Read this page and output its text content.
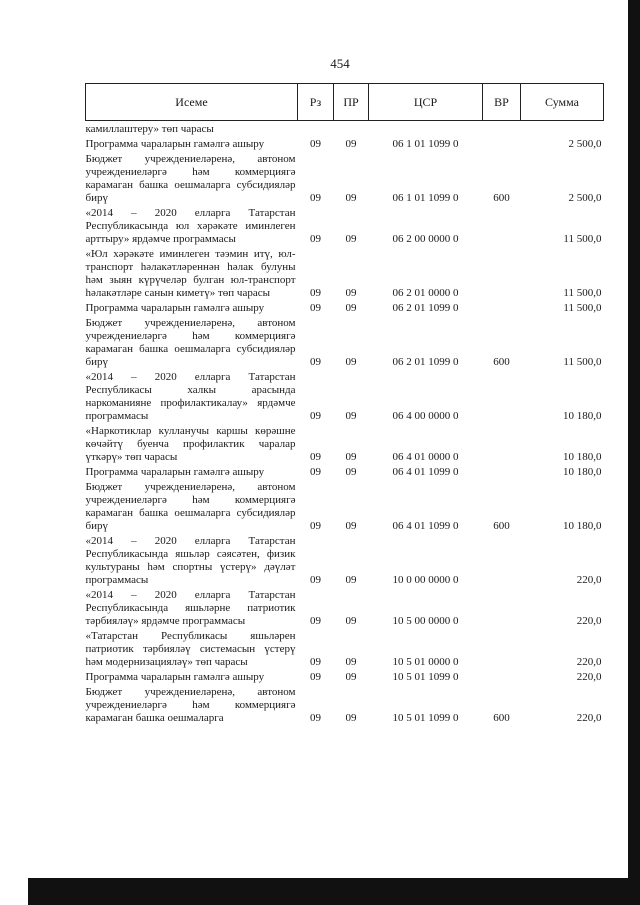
454
Исеме	Рз	ПР	ЦСР	ВР	Сумма
камиллаштеру» төп чарасы					
Программа чараларын гамәлгә ашыру	09	09	06 1 01 1099 0		2 500,0
Бюджет учреждениеләренә, автоном учреждениеләргә һәм коммерциягә карамаган башка оешмаларга субсидияләр бирү	09	09	06 1 01 1099 0	600	2 500,0
«2014 – 2020 елларга Татарстан Республикасында юл хәрәкәте иминлеген арттыру» ярдәмче программасы	09	09	06 2 00 0000 0		11 500,0
«Юл хәрәкәте иминлеген тәэмин итү, юл-транспорт һәлакәтләреннән һәлак булуны һәм зыян күрүчеләр булган юл-транспорт һәлакәтләре санын киметү» төп чарасы	09	09	06 2 01 0000 0		11 500,0
Программа чараларын гамәлгә ашыру	09	09	06 2 01 1099 0		11 500,0
Бюджет учреждениеләренә, автоном учреждениеләргә һәм коммерциягә карамаган башка оешмаларга субсидияләр бирү	09	09	06 2 01 1099 0	600	11 500,0
«2014 – 2020 елларга Татарстан Республикасы халкы арасында наркоманияне профилактикалау» ярдәмче программасы	09	09	06 4 00 0000 0		10 180,0
«Наркотиклар кулланучы каршы көрәшне көчәйтү буенча профилактик чаралар үткәрү» төп чарасы	09	09	06 4 01 0000 0		10 180,0
Программа чараларын гамәлгә ашыру	09	09	06 4 01 1099 0		10 180,0
Бюджет учреждениеләренә, автоном учреждениеләргә һәм коммерциягә карамаган башка оешмаларга субсидияләр бирү	09	09	06 4 01 1099 0	600	10 180,0
«2014 – 2020 елларга Татарстан Республикасында яшьләр сәясәтен, физик культураны һәм спортны үстерү» дәүләт программасы	09	09	10 0 00 0000 0		220,0
«2014 – 2020 елларга Татарстан Республикасында яшьләрне патриотик тәрбияләү» ярдәмче программасы	09	09	10 5 00 0000 0		220,0
«Татарстан Республикасы яшьләрен патриотик тәрбияләү системасын үстерү һәм модернизацияләү» төп чарасы	09	09	10 5 01 0000 0		220,0
Программа чараларын гамәлгә ашыру	09	09	10 5 01 1099 0		220,0
Бюджет учреждениеләренә, автоном учреждениеләргә һәм коммерциягә карамаган башка оешмаларга	09	09	10 5 01 1099 0	600	220,0
